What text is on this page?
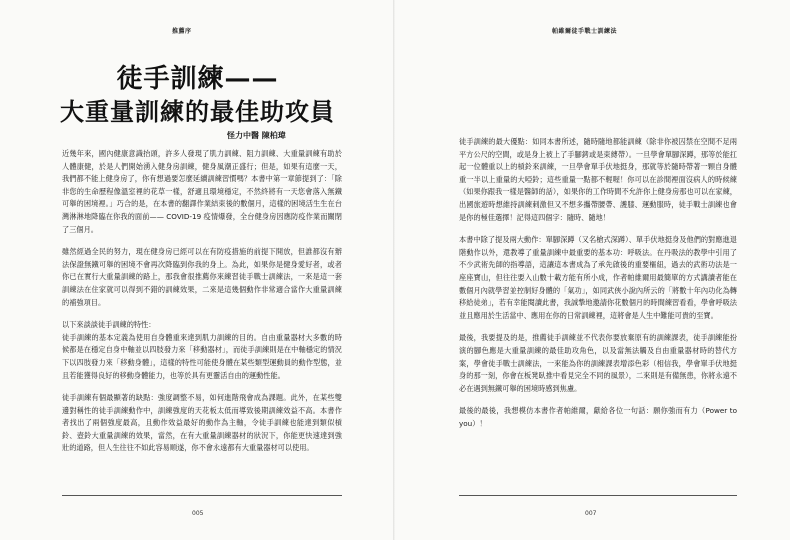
推薦序
徒手訓練——
大重量訓練的最佳助攻員
怪力中醫 陳柏瑋

近幾年來，國內健康意識抬頭，許多人發現了肌力訓練、阻力訓練、大重量訓練有助於人體康健，於是人們開始湧入健身房訓練，健身風潮正盛行；但是，如果有這麼一天，我們都不能上健身房了，你有想過要怎麼延續訓練習慣嗎？本書中第一章節提到了：「除非您的生命歷程像溫室裡的花草一樣，舒適且環境穩定，不然終將有一天您會落入無鐵可舉的困境裡。」巧合的是，在本書的翻譯作業結束後的數個月，這樣的困境活生生在台灣淋淋地降臨在你我的面前—— COVID-19 疫情爆發，全台健身房因應防疫作業而關閉了三個月。

雖然經過全民的努力，現在健身房已經可以在有防疫措施的前提下開放，但誰都沒有辦法保證無鐵可舉的困境不會再次降臨到你我的身上。為此，如果你是健身愛好者，或者你已在實行大重量訓練的路上，那我會很推薦你來練習徒手戰士訓練法，一來是這一套訓練法在住家就可以得到不錯的訓練效果，二來是這幾個動作非常適合當作大重量訓練的補強項目。

以下來談談徒手訓練的特性：

徒手訓練的基本定義為使用自身體重來達到肌力訓練的目的。自由重量器材大多數的時候都是在穩定自身中軸並以四肢發力來「移動器材」，而徒手訓練則是在中軸穩定的情況下以四肢發力來「移動身體」，這樣的特性可能使身體在某些類型運動員的動作型態，並且若能獲得良好的移動身體能力，也等於具有更靈活自由的運動性能。

徒手訓練有個最顯著的缺點：強度調整不易，如何進階飛會成為課題。此外，在某些雙邊對稱性的徒手訓練動作中，訓練強度的天花板太低而導致後期訓練效益不高。本書作者找出了兩個強度最高，且動作效益最好的動作為主軸，令徒手訓練也能達到類似槓鈴、壺鈴大重量訓練的效果，當然，在有大重量訓練器材的狀況下，你能更快速達到強壯的道路，但人生往往不如此容易順遂，你不會永遠都有大重量器材可以使用。

005
帕維爾徒手戰士訓練法

徒手訓練的最大優點：如同本書所述，隨時隨地都能訓練（除非你被囚禁在空間不足兩平方公尺的空間，或是身上被上了手腳銬或是束縛帶）。一旦學會單腳深蹲，那等於能扛起一位體重以上的槓鈴來訓練，一旦學會單手伏地挺身，那就等於隨時帶著一顆自身體重一半以上重量的大啞鈴；這些重量一點都不輕喔！你可以在診間裡面沒病人的時候練（如果你跟我一樣是醫師的話），如果你的工作時間不允許你上健身房那也可以在家練，出國旅遊時想維持訓練刺激但又不想多攜帶腰帶、護膝、運動服時，徒手戰士訓練也會是你的極佳選擇！記得這四個字：隨時、隨地！

本書中除了提及兩大動作：單腳深蹲（又名槍式深蹲）、單手伏地挺身及他們的對應進退階動作以外，還教導了重量訓練中最重要的基本功：呼吸法。在丹吸法的教學中引用了不少武術先師的指導語，這讓這本書成為了承先啟後的重要樞紐，過去的武術功法是一座座寶山，但往往要入山數十載方能有所小成，作者帕維爾用最簡單的方式講讀者能在數個月內就學習並控制好身體的「氣功」，如同武俠小說內所云的「將數十年內功化為轉移給徒弟」，若有幸能閱讀此書，我誠摯地邀請你花數個月的時間練習看看，學會呼吸法並且應用於生活當中、應用在你的日常訓練裡，這將會是人生中難能可貴的至寶。

最後，我要提及的是，推薦徒手訓練並不代表你要放棄原有的訓練課表，徒手訓練能扮演的腳色應是大重量訓練的最佳助攻角色，以及當無法觸及自由重量器材時的替代方案，學會徒手戰士訓練法，一來能為你的訓練課表增添色彩（相信我，學會單手伏地挺身的那一刻，你會在板凳臥推中看見完全不同的風景），二來則是有備無患，你將永遠不必在遇到無鐵可舉的困境時感到焦慮。

最後的最後，我想模仿本書作者帕維爾，獻給各位一句話：願你強而有力（Power to you）！

007
